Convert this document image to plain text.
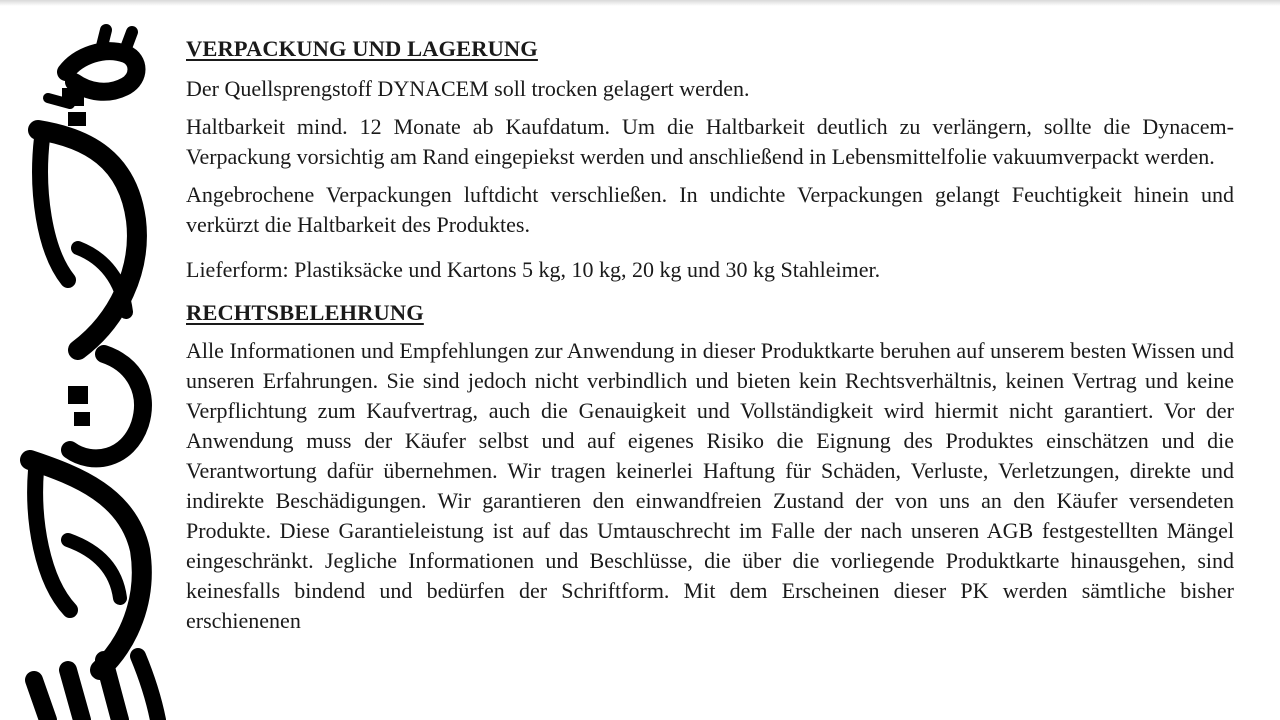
VERPACKUNG UND LAGERUNG

Der Quellsprengstoff DYNACEM soll trocken gelagert werden.

Haltbarkeit mind. 12 Monate ab Kaufdatum. Um die Haltbarkeit deutlich zu verlängern, sollte die Dynacem-Verpackung vorsichtig am Rand eingepiekst werden und anschließend in Lebensmittelfolie vakuumverpackt werden.

Angebrochene Verpackungen luftdicht verschließen. In undichte Verpackungen gelangt Feuchtigkeit hinein und verkürzt die Haltbarkeit des Produktes.

Lieferform: Plastiksäcke und Kartons 5 kg, 10 kg, 20 kg und 30 kg Stahleimer.

RECHTSBELEHRUNG

Alle Informationen und Empfehlungen zur Anwendung in dieser Produktkarte beruhen auf unserem besten Wissen und unseren Erfahrungen. Sie sind jedoch nicht verbindlich und bieten kein Rechtsverhältnis, keinen Vertrag und keine Verpflichtung zum Kaufvertrag, auch die Genauigkeit und Vollständigkeit wird hiermit nicht garantiert. Vor der Anwendung muss der Käufer selbst und auf eigenes Risiko die Eignung des Produktes einschätzen und die Verantwortung dafür übernehmen. Wir tragen keinerlei Haftung für Schäden, Verluste, Verletzungen, direkte und indirekte Beschädigungen. Wir garantieren den einwandfreien Zustand der von uns an den Käufer versendeten Produkte. Diese Garantieleistung ist auf das Umtauschrecht im Falle der nach unseren AGB festgestellten Mängel eingeschränkt. Jegliche Informationen und Beschlüsse, die über die vorliegende Produktkarte hinausgehen, sind keinesfalls bindend und bedürfen der Schriftform. Mit dem Erscheinen dieser PK werden sämtliche bisher erschienenen
